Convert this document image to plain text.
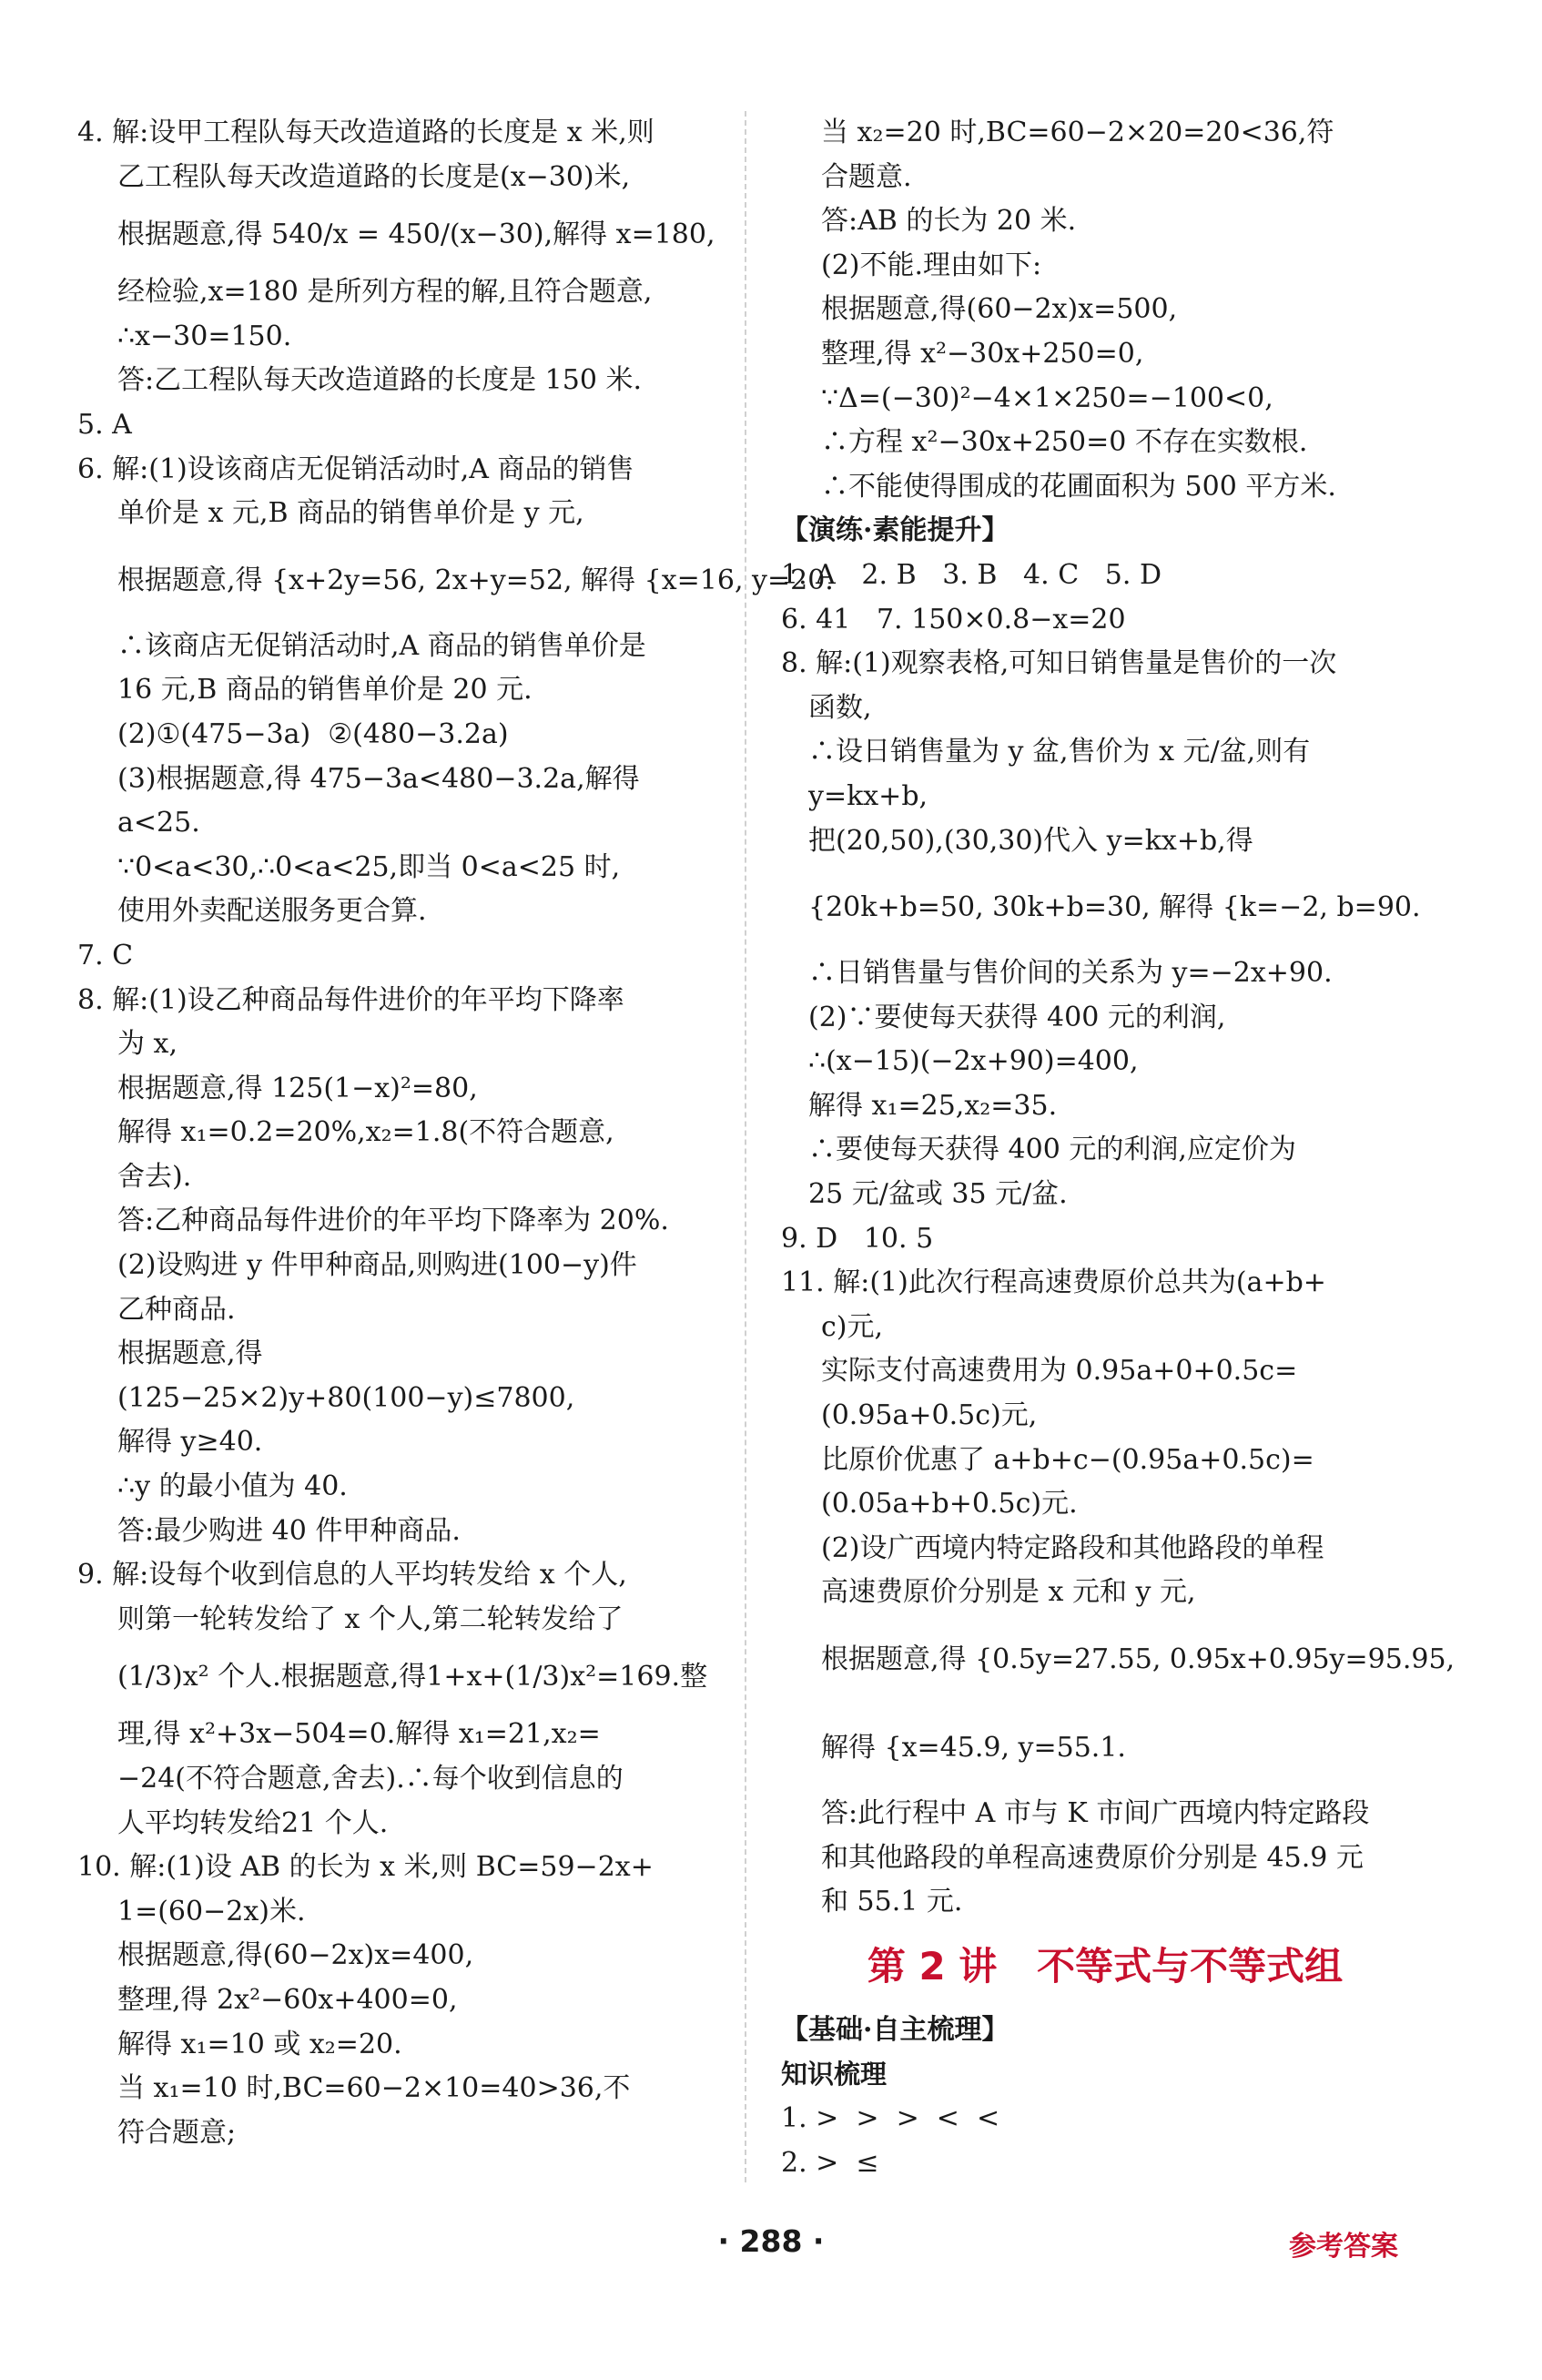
4. 解:设甲工程队每天改造道路的长度是 x 米,则
乙工程队每天改造道路的长度是(x−30)米,
根据题意,得 540/x = 450/(x−30),解得 x=180,
经检验,x=180 是所列方程的解,且符合题意,
∴x−30=150.
答:乙工程队每天改造道路的长度是 150 米.
5. A
6. 解:(1)设该商店无促销活动时,A 商品的销售
单价是 x 元,B 商品的销售单价是 y 元,
根据题意,得 {x+2y=56, 2x+y=52, 解得 {x=16, y=20.
∴该商店无促销活动时,A 商品的销售单价是
16 元,B 商品的销售单价是 20 元.
(2)①(475−3a)  ②(480−3.2a)
(3)根据题意,得 475−3a<480−3.2a,解得
a<25.
∵0<a<30,∴0<a<25,即当 0<a<25 时,
使用外卖配送服务更合算.
7. C
8. 解:(1)设乙种商品每件进价的年平均下降率
为 x,
根据题意,得 125(1−x)²=80,
解得 x₁=0.2=20%,x₂=1.8(不符合题意,
舍去).
答:乙种商品每件进价的年平均下降率为 20%.
(2)设购进 y 件甲种商品,则购进(100−y)件
乙种商品.
根据题意,得
(125−25×2)y+80(100−y)≤7800,
解得 y≥40.
∴y 的最小值为 40.
答:最少购进 40 件甲种商品.
9. 解:设每个收到信息的人平均转发给 x 个人,
则第一轮转发给了 x 个人,第二轮转发给了
(1/3)x² 个人.根据题意,得1+x+(1/3)x²=169.整
理,得 x²+3x−504=0.解得 x₁=21,x₂=
−24(不符合题意,舍去).∴每个收到信息的
人平均转发给21 个人.
10. 解:(1)设 AB 的长为 x 米,则 BC=59−2x+
1=(60−2x)米.
根据题意,得(60−2x)x=400,
整理,得 2x²−60x+400=0,
解得 x₁=10 或 x₂=20.
当 x₁=10 时,BC=60−2×10=40>36,不
符合题意;
当 x₂=20 时,BC=60−2×20=20<36,符
合题意.
答:AB 的长为 20 米.
(2)不能.理由如下:
根据题意,得(60−2x)x=500,
整理,得 x²−30x+250=0,
∵Δ=(−30)²−4×1×250=−100<0,
∴方程 x²−30x+250=0 不存在实数根.
∴不能使得围成的花圃面积为 500 平方米.
【演练·素能提升】
1. A   2. B   3. B   4. C   5. D
6. 41   7. 150×0.8−x=20
8. 解:(1)观察表格,可知日销售量是售价的一次
函数,
∴设日销售量为 y 盆,售价为 x 元/盆,则有
y=kx+b,
把(20,50),(30,30)代入 y=kx+b,得
{20k+b=50, 30k+b=30, 解得 {k=−2, b=90.
∴日销售量与售价间的关系为 y=−2x+90.
(2)∵要使每天获得 400 元的利润,
∴(x−15)(−2x+90)=400,
解得 x₁=25,x₂=35.
∴要使每天获得 400 元的利润,应定价为
25 元/盆或 35 元/盆.
9. D   10. 5
11. 解:(1)此次行程高速费原价总共为(a+b+
c)元,
实际支付高速费用为 0.95a+0+0.5c=
(0.95a+0.5c)元,
比原价优惠了 a+b+c−(0.95a+0.5c)=
(0.05a+b+0.5c)元.
(2)设广西境内特定路段和其他路段的单程
高速费原价分别是 x 元和 y 元,
根据题意,得 {0.5y=27.55, 0.95x+0.95y=95.95,
解得 {x=45.9, y=55.1.
答:此行程中 A 市与 K 市间广西境内特定路段
和其他路段的单程高速费原价分别是 45.9 元
和 55.1 元.
第 2 讲   不等式与不等式组
【基础·自主梳理】
知识梳理
1. >  >  >  <  <
2. >  ≤
· 288 ·	参考答案
